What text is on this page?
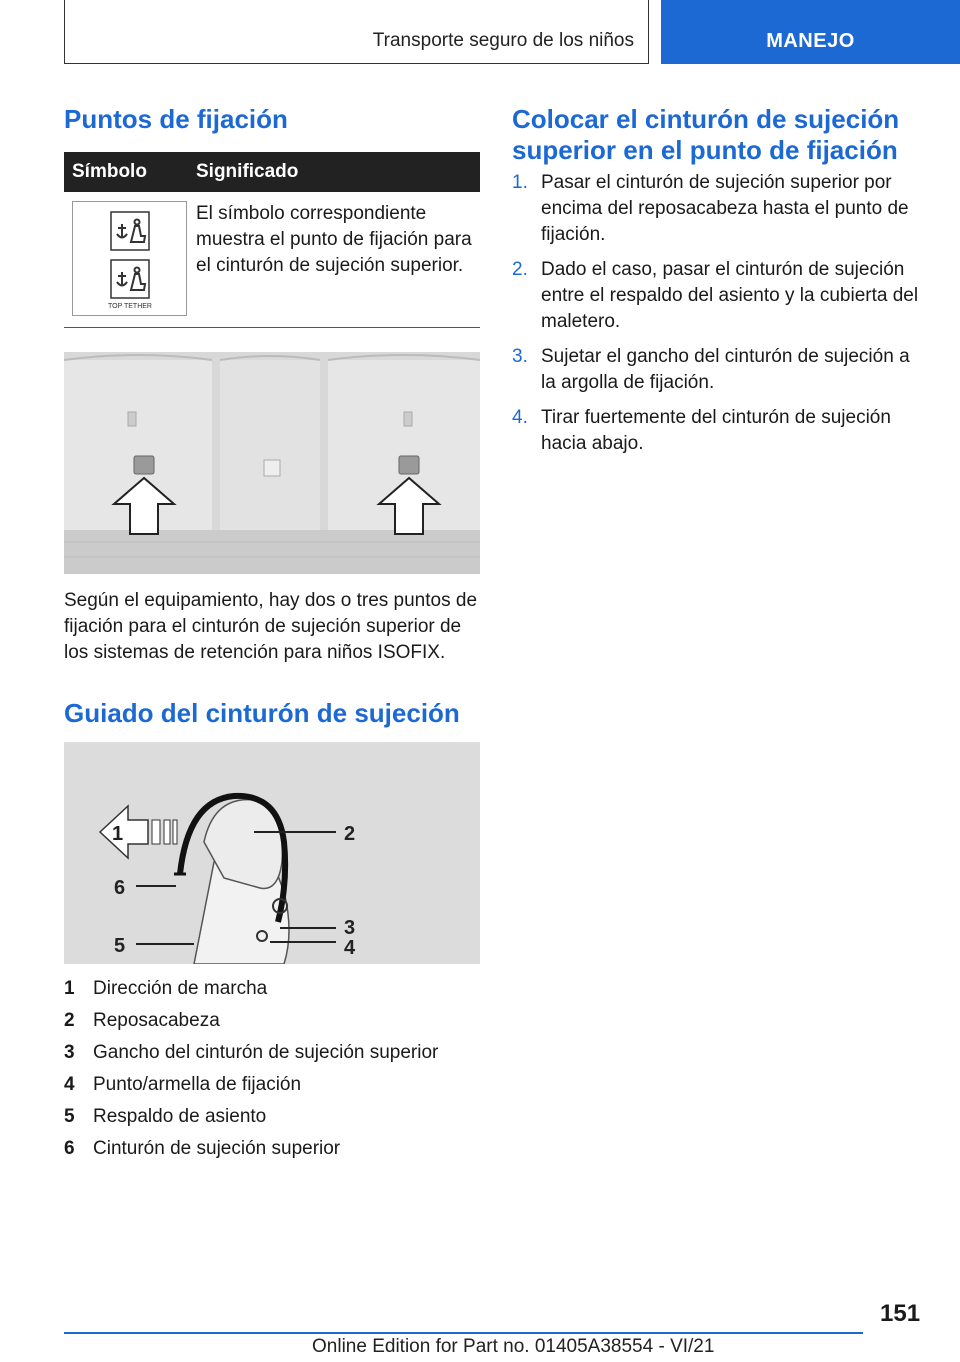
Transporte seguro de los niños	MANEJO
Puntos de fijación
Símbolo	Significado
TOP TETHER
El símbolo correspondiente muestra el punto de fijación para el cinturón de sujeción superior.
Según el equipamiento, hay dos o tres puntos de fijación para el cinturón de sujeción superior de los sistemas de retención para niños ISOFIX.
Guiado del cinturón de sujeción
1	2
3
4
5
6
1 Dirección de marcha
2 Reposacabeza
3 Gancho del cinturón de sujeción superior
4 Punto/armella de fijación
5 Respaldo de asiento
6 Cinturón de sujeción superior
Colocar el cinturón de sujeción superior en el punto de fijación
1. Pasar el cinturón de sujeción superior por encima del reposacabeza hasta el punto de fijación.
2. Dado el caso, pasar el cinturón de sujeción entre el respaldo del asiento y la cubierta del maletero.
3. Sujetar el gancho del cinturón de sujeción a la argolla de fijación.
4. Tirar fuertemente del cinturón de sujeción hacia abajo.
151
Online Edition for Part no. 01405A38554 - VI/21
